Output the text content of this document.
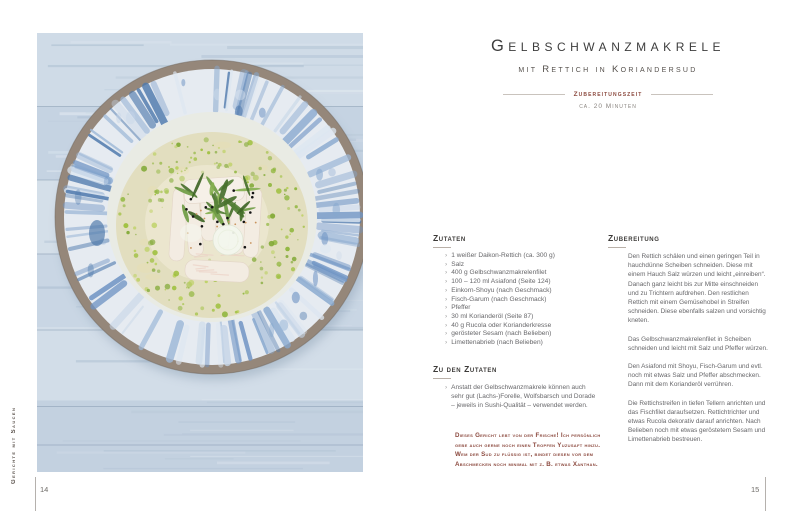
Gerichte mit Saucen
14
Gelbschwanzmakrele
mit Rettich in Koriandersud
Zubereitungszeit
ca. 20 Minuten
Zutaten
› 1 weißer Daikon-Rettich (ca. 300 g)
› Salz
› 400 g Gelbschwanzmakrelenfilet
› 100 – 120 ml Asiafond (Seite 124)
› Einkorn-Shoyu (nach Geschmack)
› Fisch-Garum (nach Geschmack)
› Pfeffer
› 30 ml Korianderöl (Seite 87)
› 40 g Rucola oder Korianderkresse
› gerösteter Sesam (nach Belieben)
› Limettenabrieb (nach Belieben)
Zu den Zutaten
› Anstatt der Gelbschwanzmakrele können auch sehr gut (Lachs-)Forelle, Wolfsbarsch und Dorade – jeweils in Sushi-Qualität – verwendet werden.
Dieses Gericht lebt von der Frische! Ich persönlich gebe auch gerne noch einen Tropfen Yuzusaft hinzu. Wem der Sud zu flüssig ist, bindet diesen vor dem Abschmecken noch minimal mit z. B. etwas Xanthan.
Zubereitung

Den Rettich schälen und einen geringen Teil in hauchdünne Scheiben schneiden. Diese mit einem Hauch Salz würzen und leicht „einreiben“. Danach ganz leicht bis zur Mitte einschneiden und zu Trichtern aufdrehen. Den restlichen Rettich mit einem Gemüsehobel in Streifen schneiden. Diese ebenfalls salzen und vorsichtig kneten.

Das Gelbschwanzmakrelenfilet in Scheiben schneiden und leicht mit Salz und Pfeffer würzen.

Den Asiafond mit Shoyu, Fisch-Garum und evtl. noch mit etwas Salz und Pfeffer abschmecken. Dann mit dem Korianderöl verrühren.

Die Rettichstreifen in tiefen Tellern anrichten und das Fischfilet daraufsetzen. Rettichtrichter und etwas Rucola dekorativ darauf anrichten. Nach Belieben noch mit etwas geröstetem Sesam und Limettenabrieb bestreuen.

15
